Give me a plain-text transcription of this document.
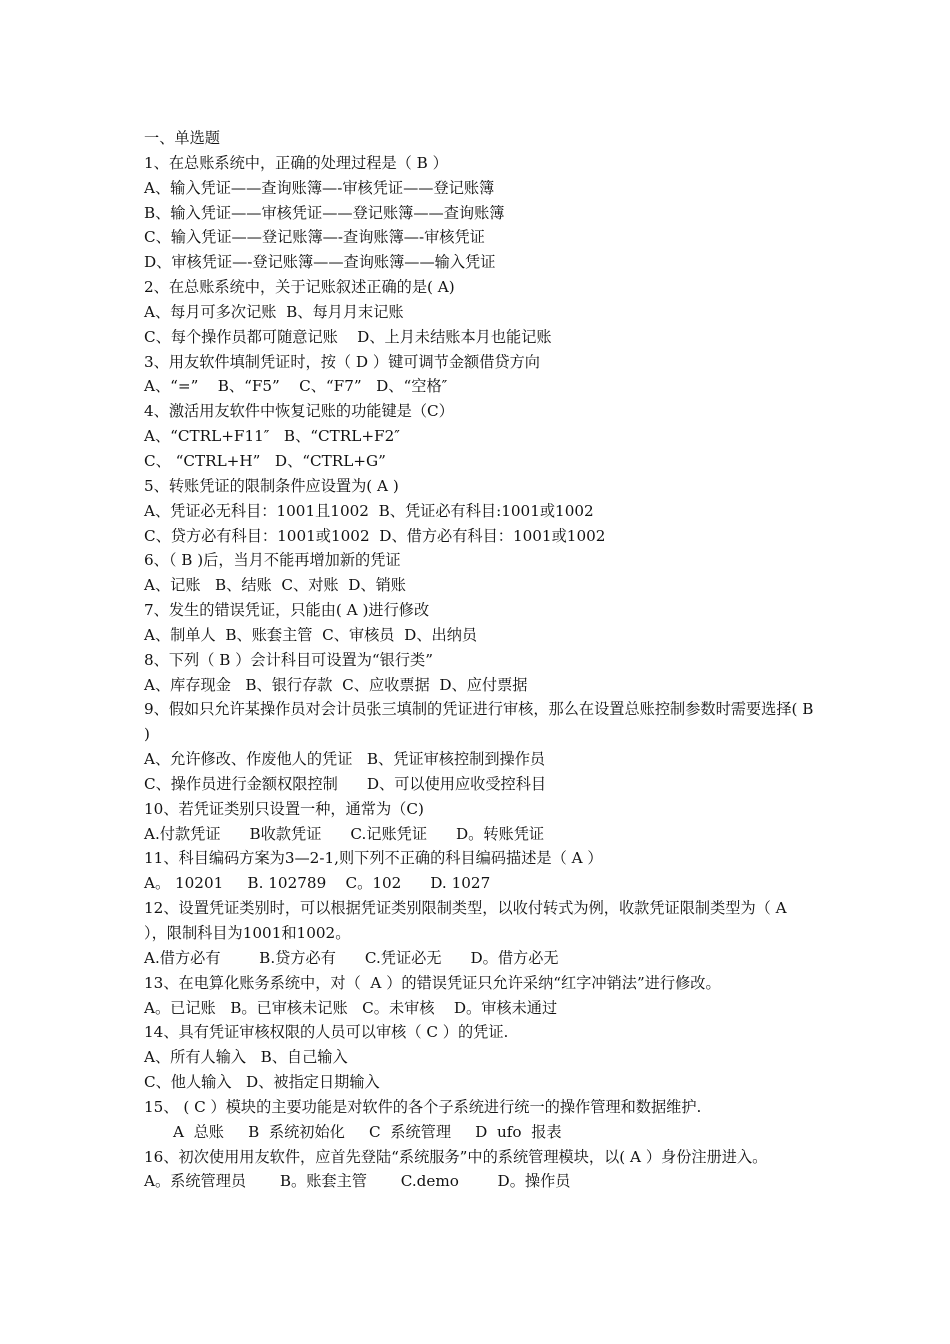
一、单选题
1、在总账系统中，正确的处理过程是（ B ）
A、输入凭证——查询账簿—-审核凭证——登记账簿
B、输入凭证——审核凭证——登记账簿——查询账簿
C、输入凭证——登记账簿—-查询账簿—-审核凭证
D、审核凭证—-登记账簿——查询账簿——输入凭证
2、在总账系统中，关于记账叙述正确的是( A)
A、每月可多次记账  B、每月月末记账
C、每个操作员都可随意记账    D、上月未结账本月也能记账
3、用友软件填制凭证时，按（ D ）键可调节金额借贷方向
A、“=”    B、“F5”    C、“F7”   D、“空格″
4、激活用友软件中恢复记账的功能键是（C）
A、“CTRL+F11″   B、“CTRL+F2″
C、 “CTRL+H”   D、“CTRL+G”
5、转账凭证的限制条件应设置为( A )
A、凭证必无科目：1001且1002  B、凭证必有科目:1001或1002
C、贷方必有科目：1001或1002  D、借方必有科目：1001或1002
6、（ B )后，当月不能再增加新的凭证
A、记账   B、结账  C、对账  D、销账
7、发生的错误凭证，只能由( A )进行修改
A、制单人  B、账套主管  C、审核员  D、出纳员
8、下列（ B ）会计科目可设置为“银行类”
A、库存现金   B、银行存款  C、应收票据  D、应付票据
9、假如只允许某操作员对会计员张三填制的凭证进行审核，那么在设置总账控制参数时需要选择( B )
A、允许修改、作废他人的凭证   B、凭证审核控制到操作员
C、操作员进行金额权限控制      D、可以使用应收受控科目
10、若凭证类别只设置一种，通常为（C)
A.付款凭证      B收款凭证      C.记账凭证      D。转账凭证
11、科目编码方案为3—2-1,则下列不正确的科目编码描述是（ A ）
A。 10201     B. 102789    C。102      D. 1027
12、设置凭证类别时，可以根据凭证类别限制类型，以收付转式为例，收款凭证限制类型为（ A ），限制科目为1001和1002。
A.借方必有        B.贷方必有      C.凭证必无      D。借方必无
13、在电算化账务系统中，对（  A ）的错误凭证只允许采纳“红字冲销法”进行修改。
A。已记账   B。已审核未记账   C。未审核    D。审核未通过
14、具有凭证审核权限的人员可以审核（ C ）的凭证.
A、所有人输入   B、自己输入
C、他人输入   D、被指定日期输入
15、 ( C ）模块的主要功能是对软件的各个子系统进行统一的操作管理和数据维护.
A  总账     B  系统初始化     C  系统管理     D  ufo  报表
16、初次使用用友软件，应首先登陆“系统服务”中的系统管理模块，以( A ）身份注册进入。
A。系统管理员       B。账套主管       C.demo        D。操作员
